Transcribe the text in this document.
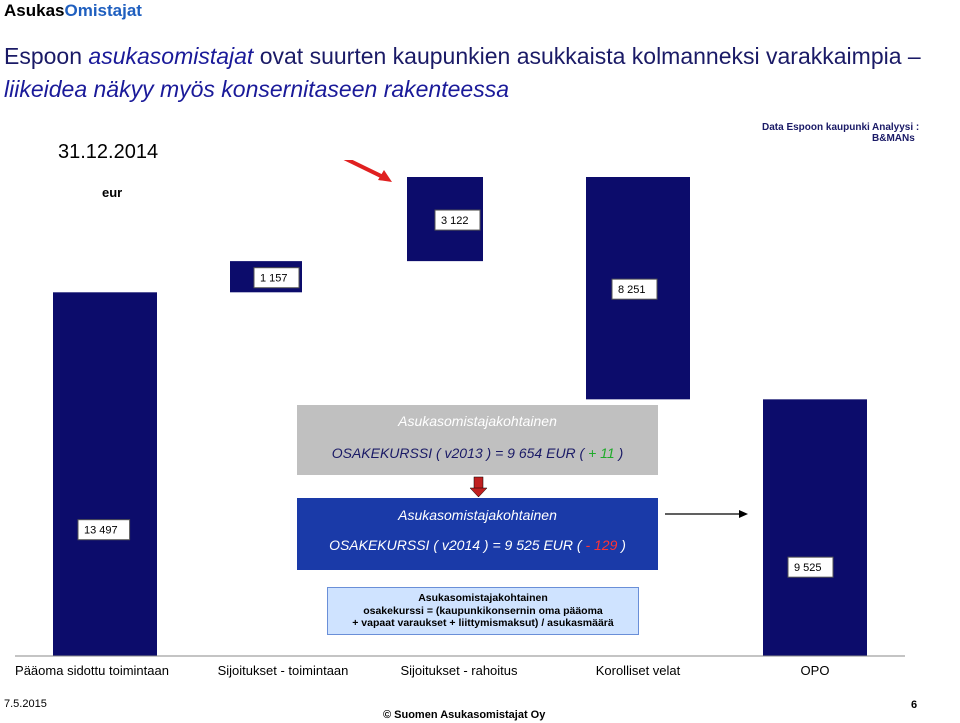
AsukasOmistajat
Espoon asukasomistajat ovat suurten kaupunkien asukkaista kolmanneksi varakkaimpia – liikeidea näkyy myös konsernitaseen rakenteessa
31.12.2014
Data Espoon kaupunki Analyysi : B&MANs
13 497
1 157
3 122
8 251
9 525
eur
Pääoma sidottu toimintaan	Sijoitukset - toimintaan	Sijoitukset - rahoitus	Korolliset velat	OPO
Asukasomistajakohtainen
OSAKEKURSSI ( v2013 ) = 9 654 EUR ( + 11 )
Asukasomistajakohtainen
OSAKEKURSSI ( v2014 ) = 9 525 EUR ( - 129 )
Asukasomistajakohtainen
osakekurssi = (kaupunkikonsernin oma pääoma
+ vapaat varaukset + liittymismaksut) / asukasmäärä
7.5.2015
© Suomen Asukasomistajat Oy
6
